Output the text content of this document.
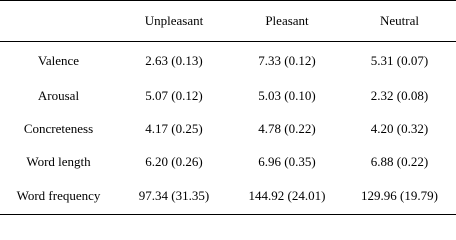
	Unpleasant	Pleasant	Neutral
Valence	2.63 (0.13)	7.33 (0.12)	5.31 (0.07)
Arousal	5.07 (0.12)	5.03 (0.10)	2.32 (0.08)
Concreteness	4.17 (0.25)	4.78 (0.22)	4.20 (0.32)
Word length	6.20 (0.26)	6.96 (0.35)	6.88 (0.22)
Word frequency	97.34 (31.35)	144.92 (24.01)	129.96 (19.79)
